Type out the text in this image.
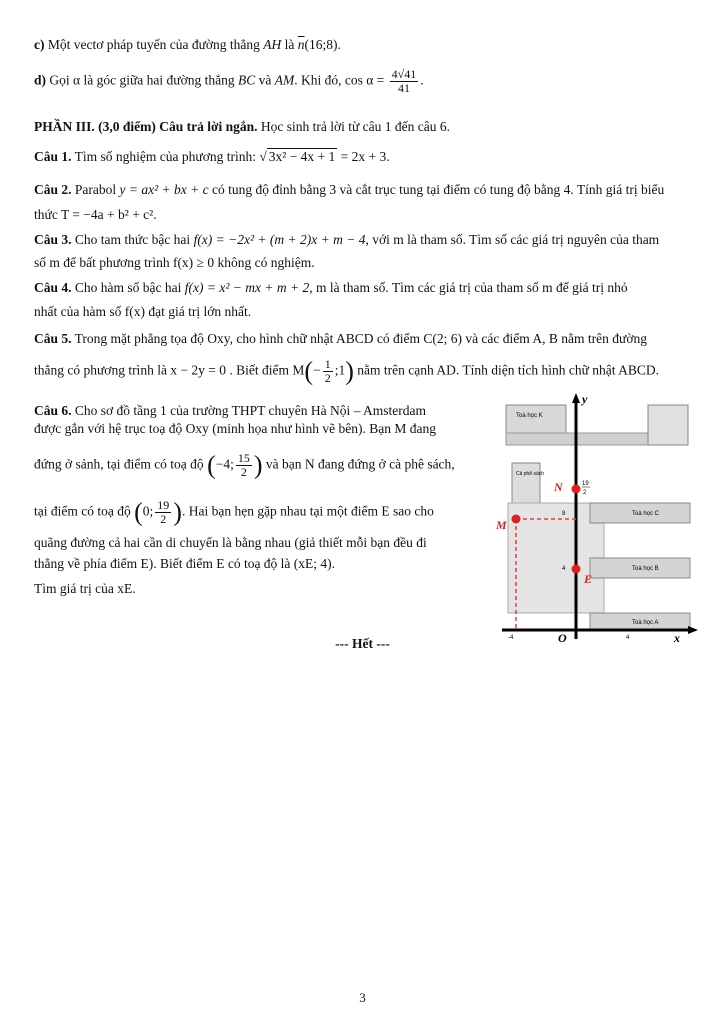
c) Một vectơ pháp tuyến của đường thẳng AH là $\overline{n}(16;8)$.
d) Gọi α là góc giữa hai đường thẳng BC và AM. Khi đó, $\cos \alpha = \frac{4√41}{41}$ .
PHẦN III. (3,0 điểm) Câu trả lời ngắn. Học sinh trả lời từ câu 1 đến câu 6.
Câu 1. Tìm số nghiệm của phương trình: √ 3x² − 4x + 1 = 2x + 3.
Câu 2. Parabol y = ax² + bx + c có tung độ đỉnh bằng 3 và cắt trục tung tại điểm có tung độ bằng 4. Tính giá trị biểu
thức T = −4a + b² + c².
Câu 3. Cho tam thức bậc hai f(x) = −2x² + (m + 2)x + m − 4, với m là tham số. Tìm số các giá trị nguyên của tham
số m để bất phương trình f(x) ≥ 0 không có nghiệm.
Câu 4. Cho hàm số bậc hai f(x) = x² − mx + m + 2, m là tham số. Tìm các giá trị của tham số m để giá trị nhỏ
nhất của hàm số f(x) đạt giá trị lớn nhất.
Câu 5. Trong mặt phẳng tọa độ Oxy, cho hình chữ nhật ABCD có điểm C(2; 6) và các điểm A, B nằm trên đường
thẳng có phương trình là x − 2y = 0 . Biết điểm $M(- \frac{1}{2}$ ;1) nằm trên cạnh AD. Tính diện tích hình chữ nhật ABCD.
Câu 6. Cho sơ đồ tầng 1 của trường THPT chuyên Hà Nội – Amsterdam
được gắn với hệ trục toạ độ Oxy (minh họa như hình vẽ bên). Bạn M đang
đứng ở sảnh, tại điểm có toạ độ (−4; $\frac{15}{2}$ ) và bạn N đang đứng ở cà phê sách,
tại điểm có toạ độ (0; $\frac{19}{2}$ ). Hai bạn hẹn gặp nhau tại một điểm E sao cho
quãng đường cả hai cần di chuyển là bằng nhau (giả thiết mỗi bạn đều đi
thẳng về phía điểm E). Biết điểm E có toạ độ là (xE; 4).
Tìm giá trị của xE.
Toà học K
Cà phê sách
Toà học C
Toà học B
Toà học A
y
x
O
8
4
-4	4
M
N	19
2
E
--- Hết ---
3
